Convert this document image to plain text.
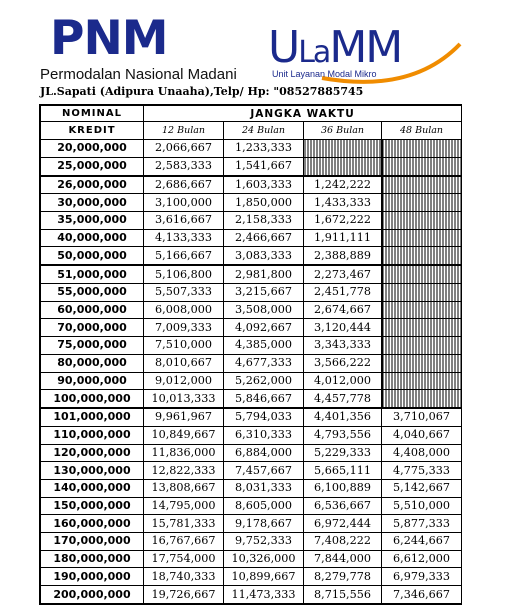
PNM
Permodalan Nasional Madani
ULaMM
Unit Layanan Modal Mikro
JL.Sapati (Adipura Unaaha),Telp/ Hp: "08527885745
NOMINAL	JANGKA WAKTU			
KREDIT	12 Bulan	24 Bulan	36 Bulan	48 Bulan
20,000,000	2,066,667	1,233,333		
25,000,000	2,583,333	1,541,667		
26,000,000	2,686,667	1,603,333	1,242,222	
30,000,000	3,100,000	1,850,000	1,433,333	
35,000,000	3,616,667	2,158,333	1,672,222	
40,000,000	4,133,333	2,466,667	1,911,111	
50,000,000	5,166,667	3,083,333	2,388,889	
51,000,000	5,106,800	2,981,800	2,273,467	
55,000,000	5,507,333	3,215,667	2,451,778	
60,000,000	6,008,000	3,508,000	2,674,667	
70,000,000	7,009,333	4,092,667	3,120,444	
75,000,000	7,510,000	4,385,000	3,343,333	
80,000,000	8,010,667	4,677,333	3,566,222	
90,000,000	9,012,000	5,262,000	4,012,000	
100,000,000	10,013,333	5,846,667	4,457,778	
101,000,000	9,961,967	5,794,033	4,401,356	3,710,067
110,000,000	10,849,667	6,310,333	4,793,556	4,040,667
120,000,000	11,836,000	6,884,000	5,229,333	4,408,000
130,000,000	12,822,333	7,457,667	5,665,111	4,775,333
140,000,000	13,808,667	8,031,333	6,100,889	5,142,667
150,000,000	14,795,000	8,605,000	6,536,667	5,510,000
160,000,000	15,781,333	9,178,667	6,972,444	5,877,333
170,000,000	16,767,667	9,752,333	7,408,222	6,244,667
180,000,000	17,754,000	10,326,000	7,844,000	6,612,000
190,000,000	18,740,333	10,899,667	8,279,778	6,979,333
200,000,000	19,726,667	11,473,333	8,715,556	7,346,667
